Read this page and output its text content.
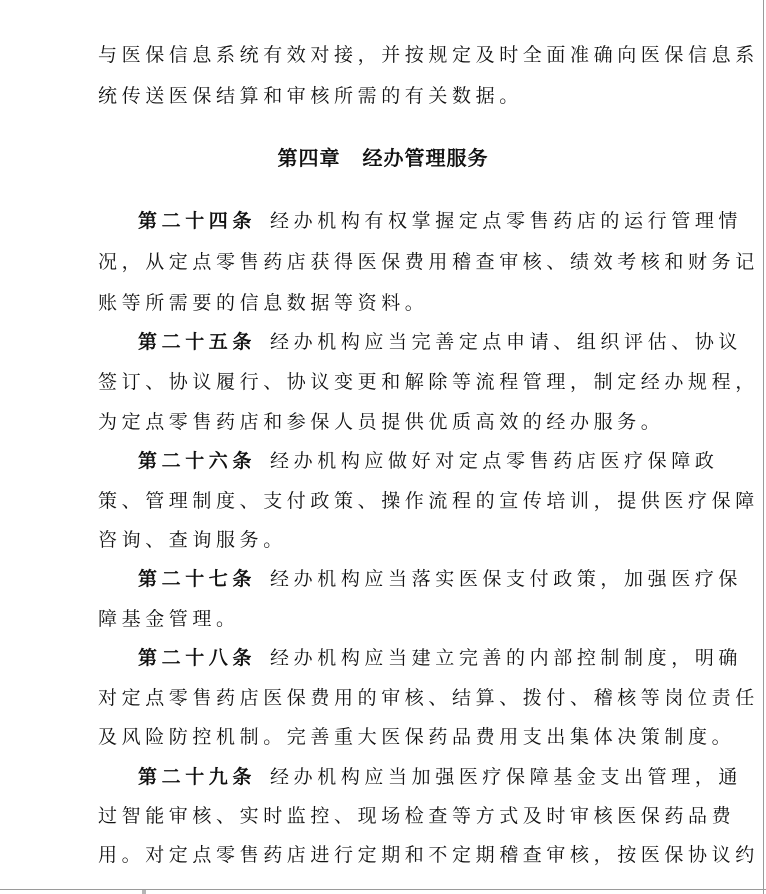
与医保信息系统有效对接，并按规定及时全面准确向医保信息系
统传送医保结算和审核所需的有关数据。
第四章 经办管理服务
第二十四条 经办机构有权掌握定点零售药店的运行管理情
况，从定点零售药店获得医保费用稽查审核、绩效考核和财务记
账等所需要的信息数据等资料。
第二十五条 经办机构应当完善定点申请、组织评估、协议
签订、协议履行、协议变更和解除等流程管理，制定经办规程，
为定点零售药店和参保人员提供优质高效的经办服务。
第二十六条 经办机构应做好对定点零售药店医疗保障政
策、管理制度、支付政策、操作流程的宣传培训，提供医疗保障
咨询、查询服务。
第二十七条 经办机构应当落实医保支付政策，加强医疗保
障基金管理。
第二十八条 经办机构应当建立完善的内部控制制度，明确
对定点零售药店医保费用的审核、结算、拨付、稽核等岗位责任
及风险防控机制。完善重大医保药品费用支出集体决策制度。
第二十九条 经办机构应当加强医疗保障基金支出管理，通
过智能审核、实时监控、现场检查等方式及时审核医保药品费
用。对定点零售药店进行定期和不定期稽查审核，按医保协议约
